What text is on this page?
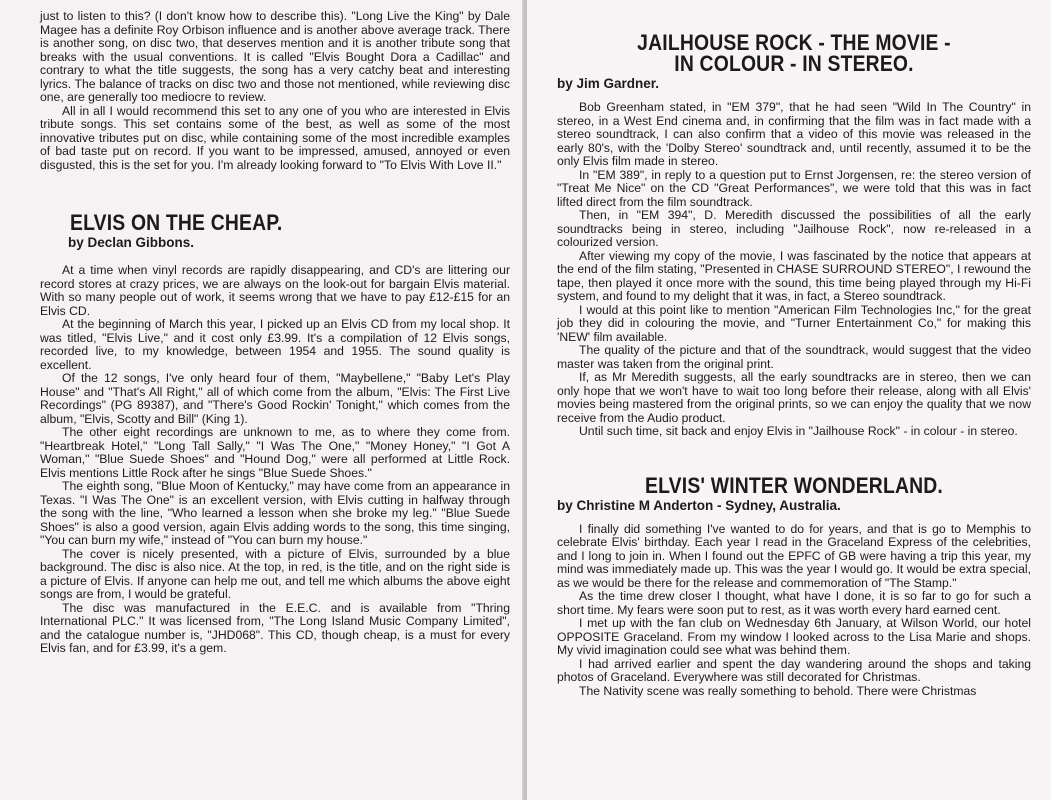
just to listen to this? (I don't know how to describe this). "Long Live the King" by Dale Magee has a definite Roy Orbison influence and is another above average track. There is another song, on disc two, that deserves mention and it is another tribute song that breaks with the usual conventions. It is called "Elvis Bought Dora a Cadillac" and contrary to what the title suggests, the song has a very catchy beat and interesting lyrics. The balance of tracks on disc two and those not mentioned, while reviewing disc one, are generally too mediocre to review.

All in all I would recommend this set to any one of you who are interested in Elvis tribute songs. This set contains some of the best, as well as some of the most innovative tributes put on disc, while containing some of the most incredible examples of bad taste put on record. If you want to be impressed, amused, annoyed or even disgusted, this is the set for you. I'm already looking forward to "To Elvis With Love II."

ELVIS ON THE CHEAP.
by Declan Gibbons.

At a time when vinyl records are rapidly disappearing, and CD's are littering our record stores at crazy prices, we are always on the look-out for bargain Elvis material. With so many people out of work, it seems wrong that we have to pay £12-£15 for an Elvis CD.

At the beginning of March this year, I picked up an Elvis CD from my local shop. It was titled, "Elvis Live," and it cost only £3.99. It's a compilation of 12 Elvis songs, recorded live, to my knowledge, between 1954 and 1955. The sound quality is excellent.

Of the 12 songs, I've only heard four of them, "Maybellene," "Baby Let's Play House" and "That's All Right," all of which come from the album, "Elvis: The First Live Recordings" (PG 89387), and "There's Good Rockin' Tonight," which comes from the album, "Elvis, Scotty and Bill" (King 1).

The other eight recordings are unknown to me, as to where they come from. "Heartbreak Hotel," "Long Tall Sally," "I Was The One," "Money Honey," "I Got A Woman," "Blue Suede Shoes" and "Hound Dog," were all performed at Little Rock. Elvis mentions Little Rock after he sings "Blue Suede Shoes."

The eighth song, "Blue Moon of Kentucky," may have come from an appearance in Texas. "I Was The One" is an excellent version, with Elvis cutting in halfway through the song with the line, "Who learned a lesson when she broke my leg." "Blue Suede Shoes" is also a good version, again Elvis adding words to the song, this time singing, "You can burn my wife," instead of "You can burn my house."

The cover is nicely presented, with a picture of Elvis, surrounded by a blue background. The disc is also nice. At the top, in red, is the title, and on the right side is a picture of Elvis. If anyone can help me out, and tell me which albums the above eight songs are from, I would be grateful.

The disc was manufactured in the E.E.C. and is available from "Thring International PLC." It was licensed from, "The Long Island Music Company Limited", and the catalogue number is, "JHD068". This CD, though cheap, is a must for every Elvis fan, and for £3.99, it's a gem.

JAILHOUSE ROCK - THE MOVIE -
IN COLOUR - IN STEREO.
by Jim Gardner.

Bob Greenham stated, in "EM 379", that he had seen "Wild In The Country" in stereo, in a West End cinema and, in confirming that the film was in fact made with a stereo soundtrack, I can also confirm that a video of this movie was released in the early 80's, with the 'Dolby Stereo' soundtrack and, until recently, assumed it to be the only Elvis film made in stereo.

In "EM 389", in reply to a question put to Ernst Jorgensen, re: the stereo version of "Treat Me Nice" on the CD "Great Performances", we were told that this was in fact lifted direct from the film soundtrack.

Then, in "EM 394", D. Meredith discussed the possibilities of all the early soundtracks being in stereo, including "Jailhouse Rock", now re-released in a colourized version.

After viewing my copy of the movie, I was fascinated by the notice that appears at the end of the film stating, "Presented in CHASE SURROUND STEREO", I rewound the tape, then played it once more with the sound, this time being played through my Hi-Fi system, and found to my delight that it was, in fact, a Stereo soundtrack.

I would at this point like to mention "American Film Technologies Inc," for the great job they did in colouring the movie, and "Turner Entertainment Co," for making this 'NEW' film available.

The quality of the picture and that of the soundtrack, would suggest that the video master was taken from the original print.

If, as Mr Meredith suggests, all the early soundtracks are in stereo, then we can only hope that we won't have to wait too long before their release, along with all Elvis' movies being mastered from the original prints, so we can enjoy the quality that we now receive from the Audio product.

Until such time, sit back and enjoy Elvis in "Jailhouse Rock" - in colour - in stereo.

ELVIS' WINTER WONDERLAND.
by Christine M Anderton - Sydney, Australia.

I finally did something I've wanted to do for years, and that is go to Memphis to celebrate Elvis' birthday. Each year I read in the Graceland Express of the celebrities, and I long to join in. When I found out the EPFC of GB were having a trip this year, my mind was immediately made up. This was the year I would go. It would be extra special, as we would be there for the release and commemoration of "The Stamp."

As the time drew closer I thought, what have I done, it is so far to go for such a short time. My fears were soon put to rest, as it was worth every hard earned cent.

I met up with the fan club on Wednesday 6th January, at Wilson World, our hotel OPPOSITE Graceland. From my window I looked across to the Lisa Marie and shops. My vivid imagination could see what was behind them.

I had arrived earlier and spent the day wandering around the shops and taking photos of Graceland. Everywhere was still decorated for Christmas.

The Nativity scene was really something to behold. There were Christmas
